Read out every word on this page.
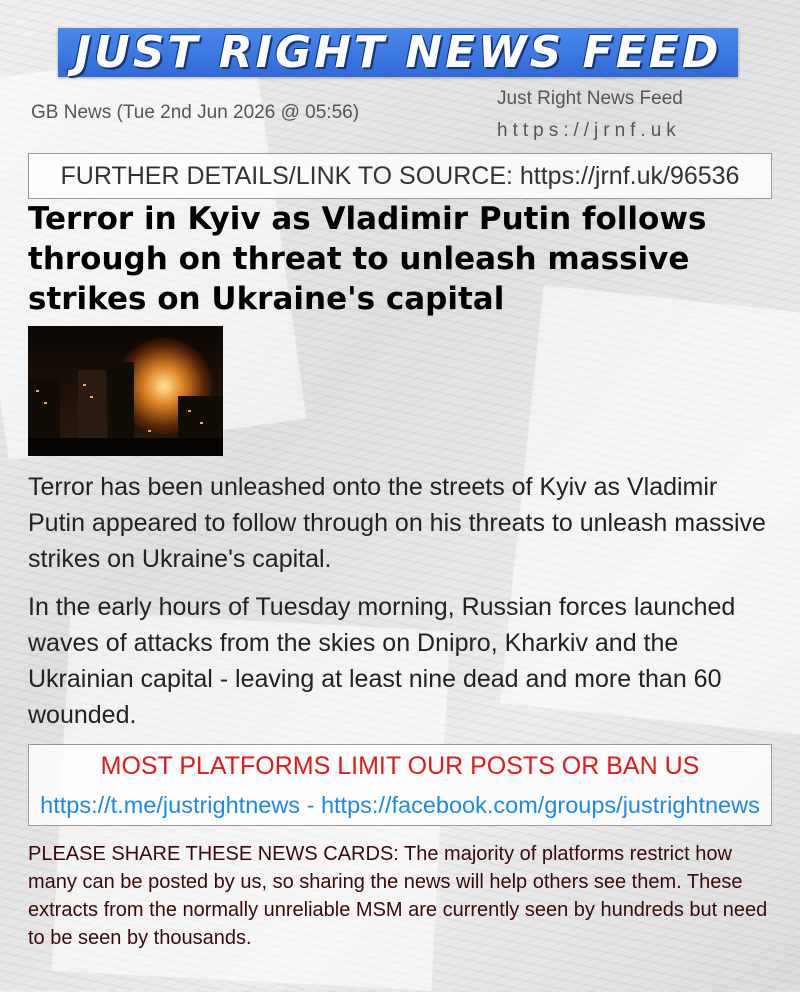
JUST RIGHT NEWS FEED
GB News (Tue 2nd Jun 2026 @ 05:56)
Just Right News Feed
https://jrnf.uk
FURTHER DETAILS/LINK TO SOURCE: https://jrnf.uk/96536
Terror in Kyiv as Vladimir Putin follows through on threat to unleash massive strikes on Ukraine's capital

Terror has been unleashed onto the streets of Kyiv as Vladimir Putin appeared to follow through on his threats to unleash massive strikes on Ukraine's capital.

In the early hours of Tuesday morning, Russian forces launched waves of attacks from the skies on Dnipro, Kharkiv and the Ukrainian capital - leaving at least nine dead and more than 60 wounded.

MOST PLATFORMS LIMIT OUR POSTS OR BAN US
https://t.me/justrightnews - https://facebook.com/groups/justrightnews

PLEASE SHARE THESE NEWS CARDS: The majority of platforms restrict how many can be posted by us, so sharing the news will help others see them. These extracts from the normally unreliable MSM are currently seen by hundreds but need to be seen by thousands.
